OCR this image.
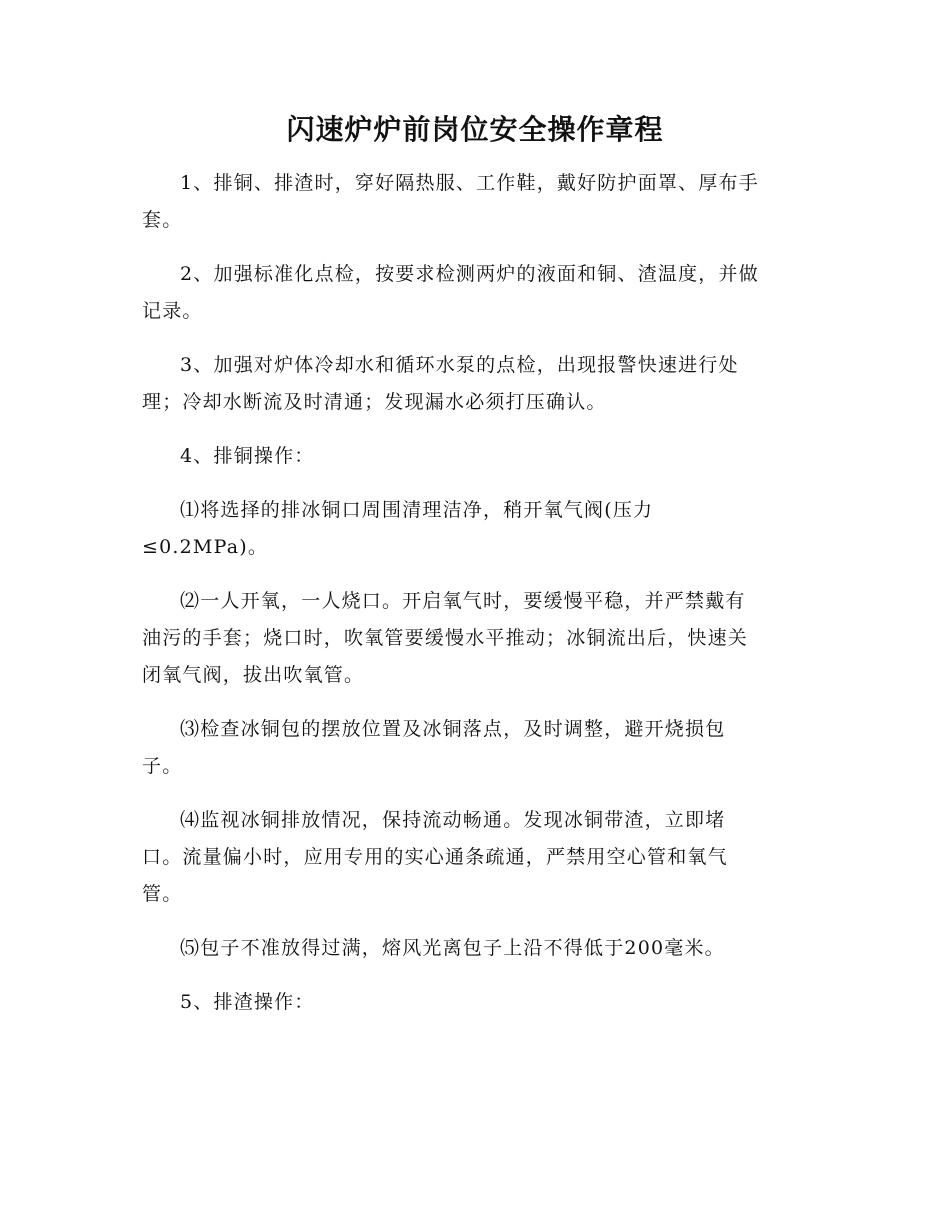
闪速炉炉前岗位安全操作章程

1、排铜、排渣时，穿好隔热服、工作鞋，戴好防护面罩、厚布手
套。

2、加强标准化点检，按要求检测两炉的液面和铜、渣温度，并做
记录。

3、加强对炉体冷却水和循环水泵的点检，出现报警快速进行处
理；冷却水断流及时清通；发现漏水必须打压确认。

4、排铜操作：

⑴将选择的排冰铜口周围清理洁净，稍开氧气阀(压力
≤0.2MPa)。

⑵一人开氧，一人烧口。开启氧气时，要缓慢平稳，并严禁戴有
油污的手套；烧口时，吹氧管要缓慢水平推动；冰铜流出后，快速关
闭氧气阀，拔出吹氧管。

⑶检查冰铜包的摆放位置及冰铜落点，及时调整，避开烧损包
子。

⑷监视冰铜排放情况，保持流动畅通。发现冰铜带渣，立即堵
口。流量偏小时，应用专用的实心通条疏通，严禁用空心管和氧气
管。

⑸包子不准放得过满，熔风光离包子上沿不得低于200毫米。

5、排渣操作：
